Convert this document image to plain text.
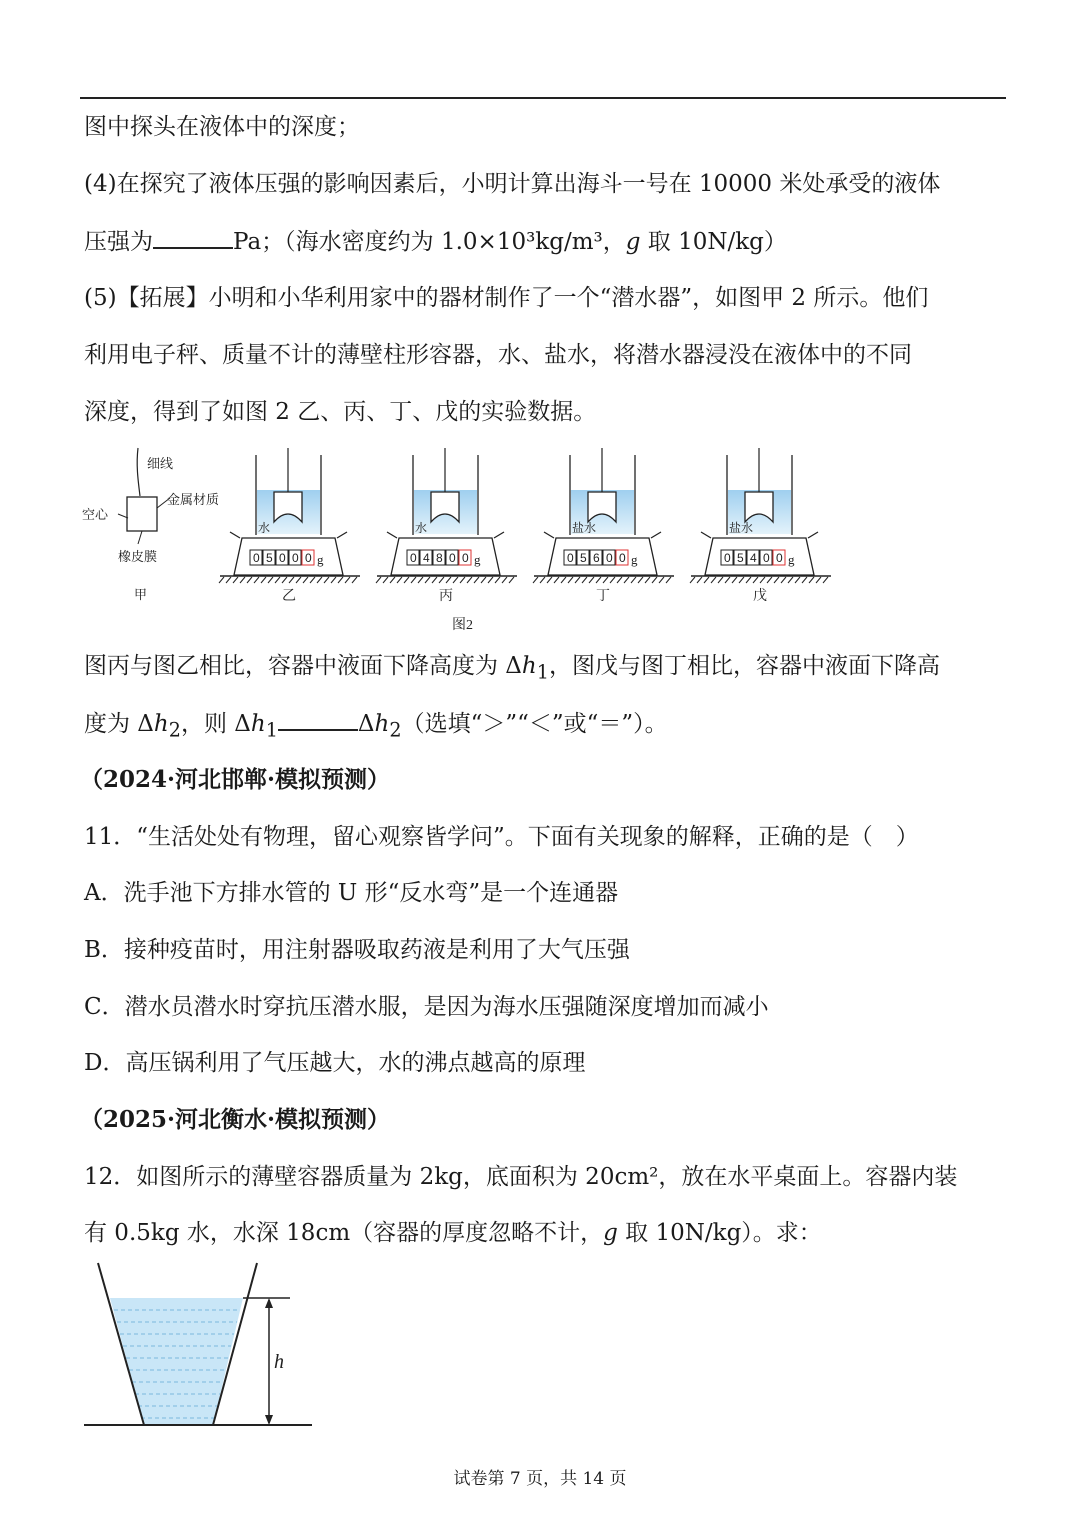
图中探头在液体中的深度；
(4)在探究了液体压强的影响因素后，小明计算出海斗一号在 10000 米处承受的液体
压强为	Pa；（海水密度约为 1.0×10³kg/m³，g 取 10N/kg）
(5)【拓展】小明和小华利用家中的器材制作了一个“潜水器”，如图甲 2 所示。他们
利用电子秤、质量不计的薄壁柱形容器，水、盐水，将潜水器浸没在液体中的不同
深度，得到了如图 2 乙、丙、丁、戊的实验数据。
细线
金属材质
空心
橡皮膜
甲
水
0 5 0 0 0 g
乙
水
0 4 8 0 0 g
丙
盐水
0 5 6 0 0 g
丁
盐水
0 5 4 0 0 g
戊
图2
图丙与图乙相比，容器中液面下降高度为 $\Delta h_1$，图戊与图丁相比，容器中液面下降高
度为 $\Delta h_2$，则 $\Delta h_1$	$\Delta h_2$（选填“＞”“＜”或“＝”）。
（2024·河北邯郸·模拟预测）
11．“生活处处有物理，留心观察皆学问”。下面有关现象的解释，正确的是（　）
A．洗手池下方排水管的 U 形“反水弯”是一个连通器
B．接种疫苗时，用注射器吸取药液是利用了大气压强
C．潜水员潜水时穿抗压潜水服，是因为海水压强随深度增加而减小
D．高压锅利用了气压越大，水的沸点越高的原理
（2025·河北衡水·模拟预测）
12．如图所示的薄壁容器质量为 2kg，底面积为 20cm²，放在水平桌面上。容器内装
有 0.5kg 水，水深 18cm（容器的厚度忽略不计，g 取 10N/kg）。求：
h
试卷第 7 页，共 14 页
